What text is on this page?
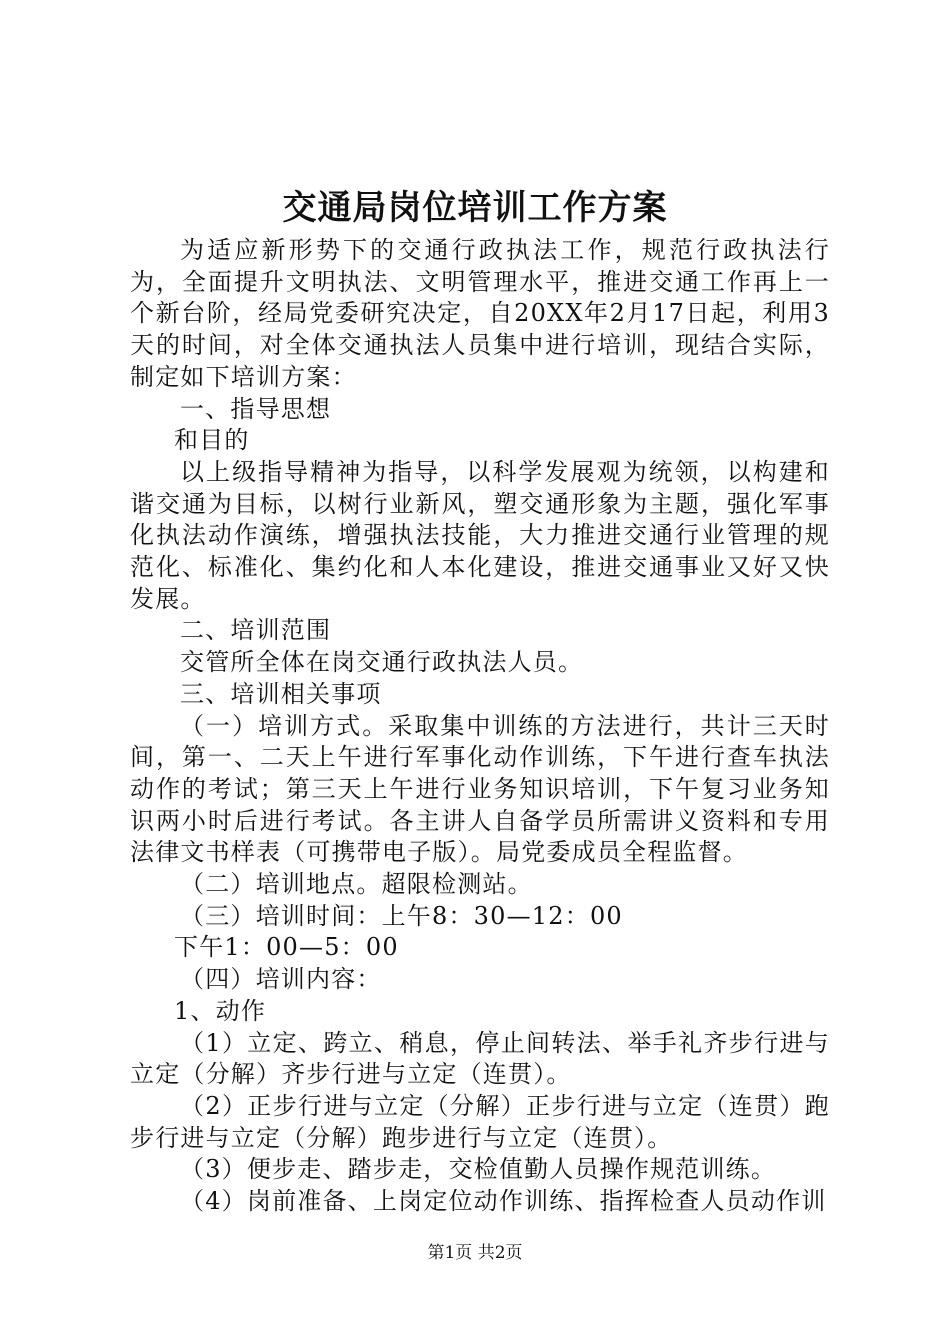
交通局岗位培训工作方案

为适应新形势下的交通行政执法工作，规范行政执法行为，全面提升文明执法、文明管理水平，推进交通工作再上一个新台阶，经局党委研究决定，自20XX年2月17日起，利用3天的时间，对全体交通执法人员集中进行培训，现结合实际，制定如下培训方案：

一、指导思想

和目的

以上级指导精神为指导，以科学发展观为统领，以构建和谐交通为目标，以树行业新风，塑交通形象为主题，强化军事化执法动作演练，增强执法技能，大力推进交通行业管理的规范化、标准化、集约化和人本化建设，推进交通事业又好又快发展。

二、培训范围

交管所全体在岗交通行政执法人员。

三、培训相关事项

（一）培训方式。采取集中训练的方法进行，共计三天时间，第一、二天上午进行军事化动作训练，下午进行查车执法动作的考试；第三天上午进行业务知识培训，下午复习业务知识两小时后进行考试。各主讲人自备学员所需讲义资料和专用法律文书样表（可携带电子版）。局党委成员全程监督。

（二）培训地点。超限检测站。

（三）培训时间：上午8：30—12：00

下午1：00—5：00

（四）培训内容：

1、动作

（1）立定、跨立、稍息，停止间转法、举手礼齐步行进与立定（分解）齐步行进与立定（连贯）。

（2）正步行进与立定（分解）正步行进与立定（连贯）跑步行进与立定（分解）跑步进行与立定（连贯）。

（3）便步走、踏步走，交检值勤人员操作规范训练。

（4）岗前准备、上岗定位动作训练、指挥检查人员动作训

第1页 共2页
